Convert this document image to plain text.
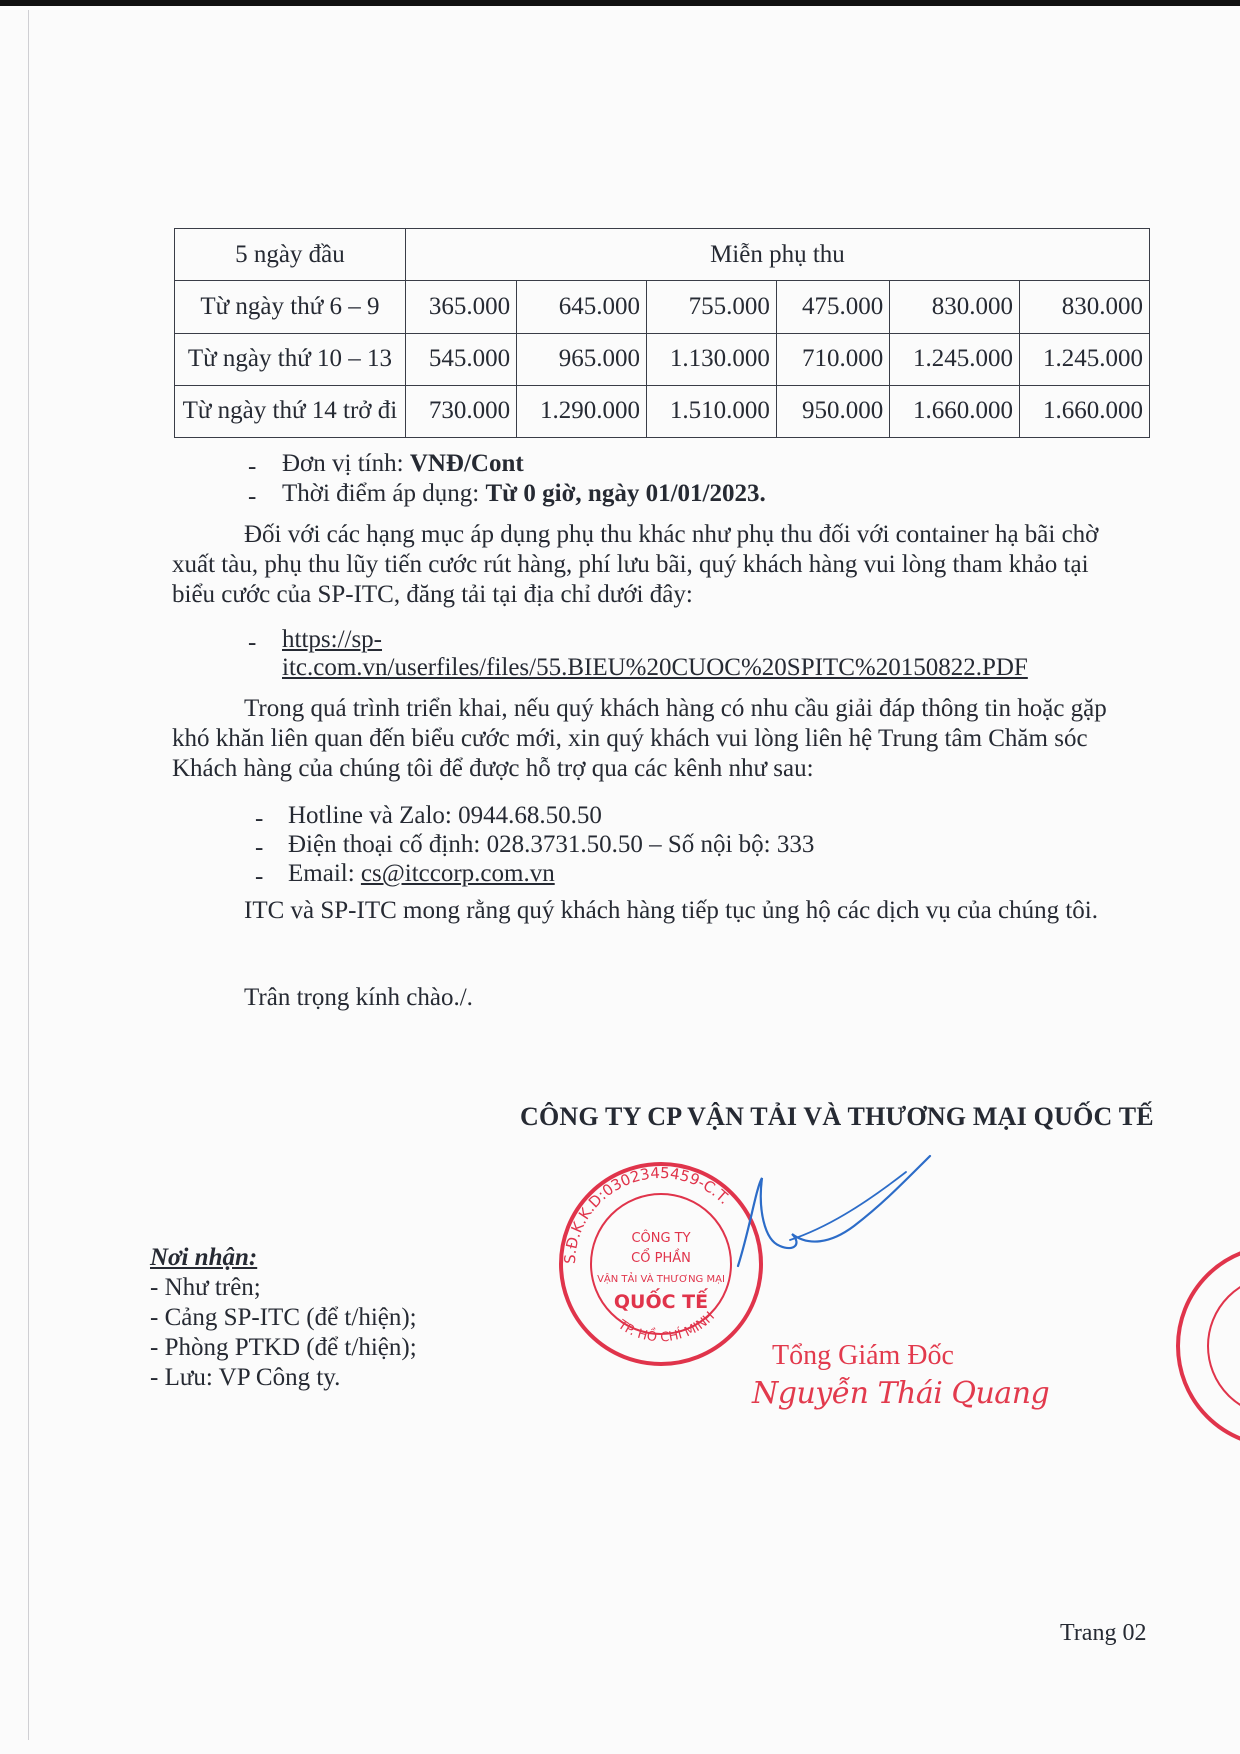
5 ngày đầu	Miễn phụ thu					
Từ ngày thứ 6 – 9	365.000	645.000	755.000	475.000	830.000	830.000
Từ ngày thứ 10 – 13	545.000	965.000	1.130.000	710.000	1.245.000	1.245.000
Từ ngày thứ 14 trở đi	730.000	1.290.000	1.510.000	950.000	1.660.000	1.660.000
- Đơn vị tính: VNĐ/Cont
- Thời điểm áp dụng: Từ 0 giờ, ngày 01/01/2023.
Đối với các hạng mục áp dụng phụ thu khác như phụ thu đối với container hạ bãi chờ
xuất tàu, phụ thu lũy tiến cước rút hàng, phí lưu bãi, quý khách hàng vui lòng tham khảo tại
biểu cước của SP-ITC, đăng tải tại địa chỉ dưới đây:
- https://sp-
itc.com.vn/userfiles/files/55.BIEU%20CUOC%20SPITC%20150822.PDF
Trong quá trình triển khai, nếu quý khách hàng có nhu cầu giải đáp thông tin hoặc gặp
khó khăn liên quan đến biểu cước mới, xin quý khách vui lòng liên hệ Trung tâm Chăm sóc
Khách hàng của chúng tôi để được hỗ trợ qua các kênh như sau:
- Hotline và Zalo: 0944.68.50.50
- Điện thoại cố định: 028.3731.50.50 – Số nội bộ: 333
- Email: cs@itccorp.com.vn
ITC và SP-ITC mong rằng quý khách hàng tiếp tục ủng hộ các dịch vụ của chúng tôi.
Trân trọng kính chào./.
CÔNG TY CP VẬN TẢI VÀ THƯƠNG MẠI QUỐC TẾ
Nơi nhận:
- Như trên;
- Cảng SP-ITC (để t/hiện);
- Phòng PTKD (để t/hiện);
- Lưu: VP Công ty.
S.Đ.K.K.D:0302345459-C.T.
TP. HỒ CHÍ MINH
CÔNG TY
CỔ PHẦN
VẬN TẢI VÀ THƯƠNG MẠI
QUỐC TẾ
Tổng Giám Đốc
Nguyễn Thái Quang
Trang 02
